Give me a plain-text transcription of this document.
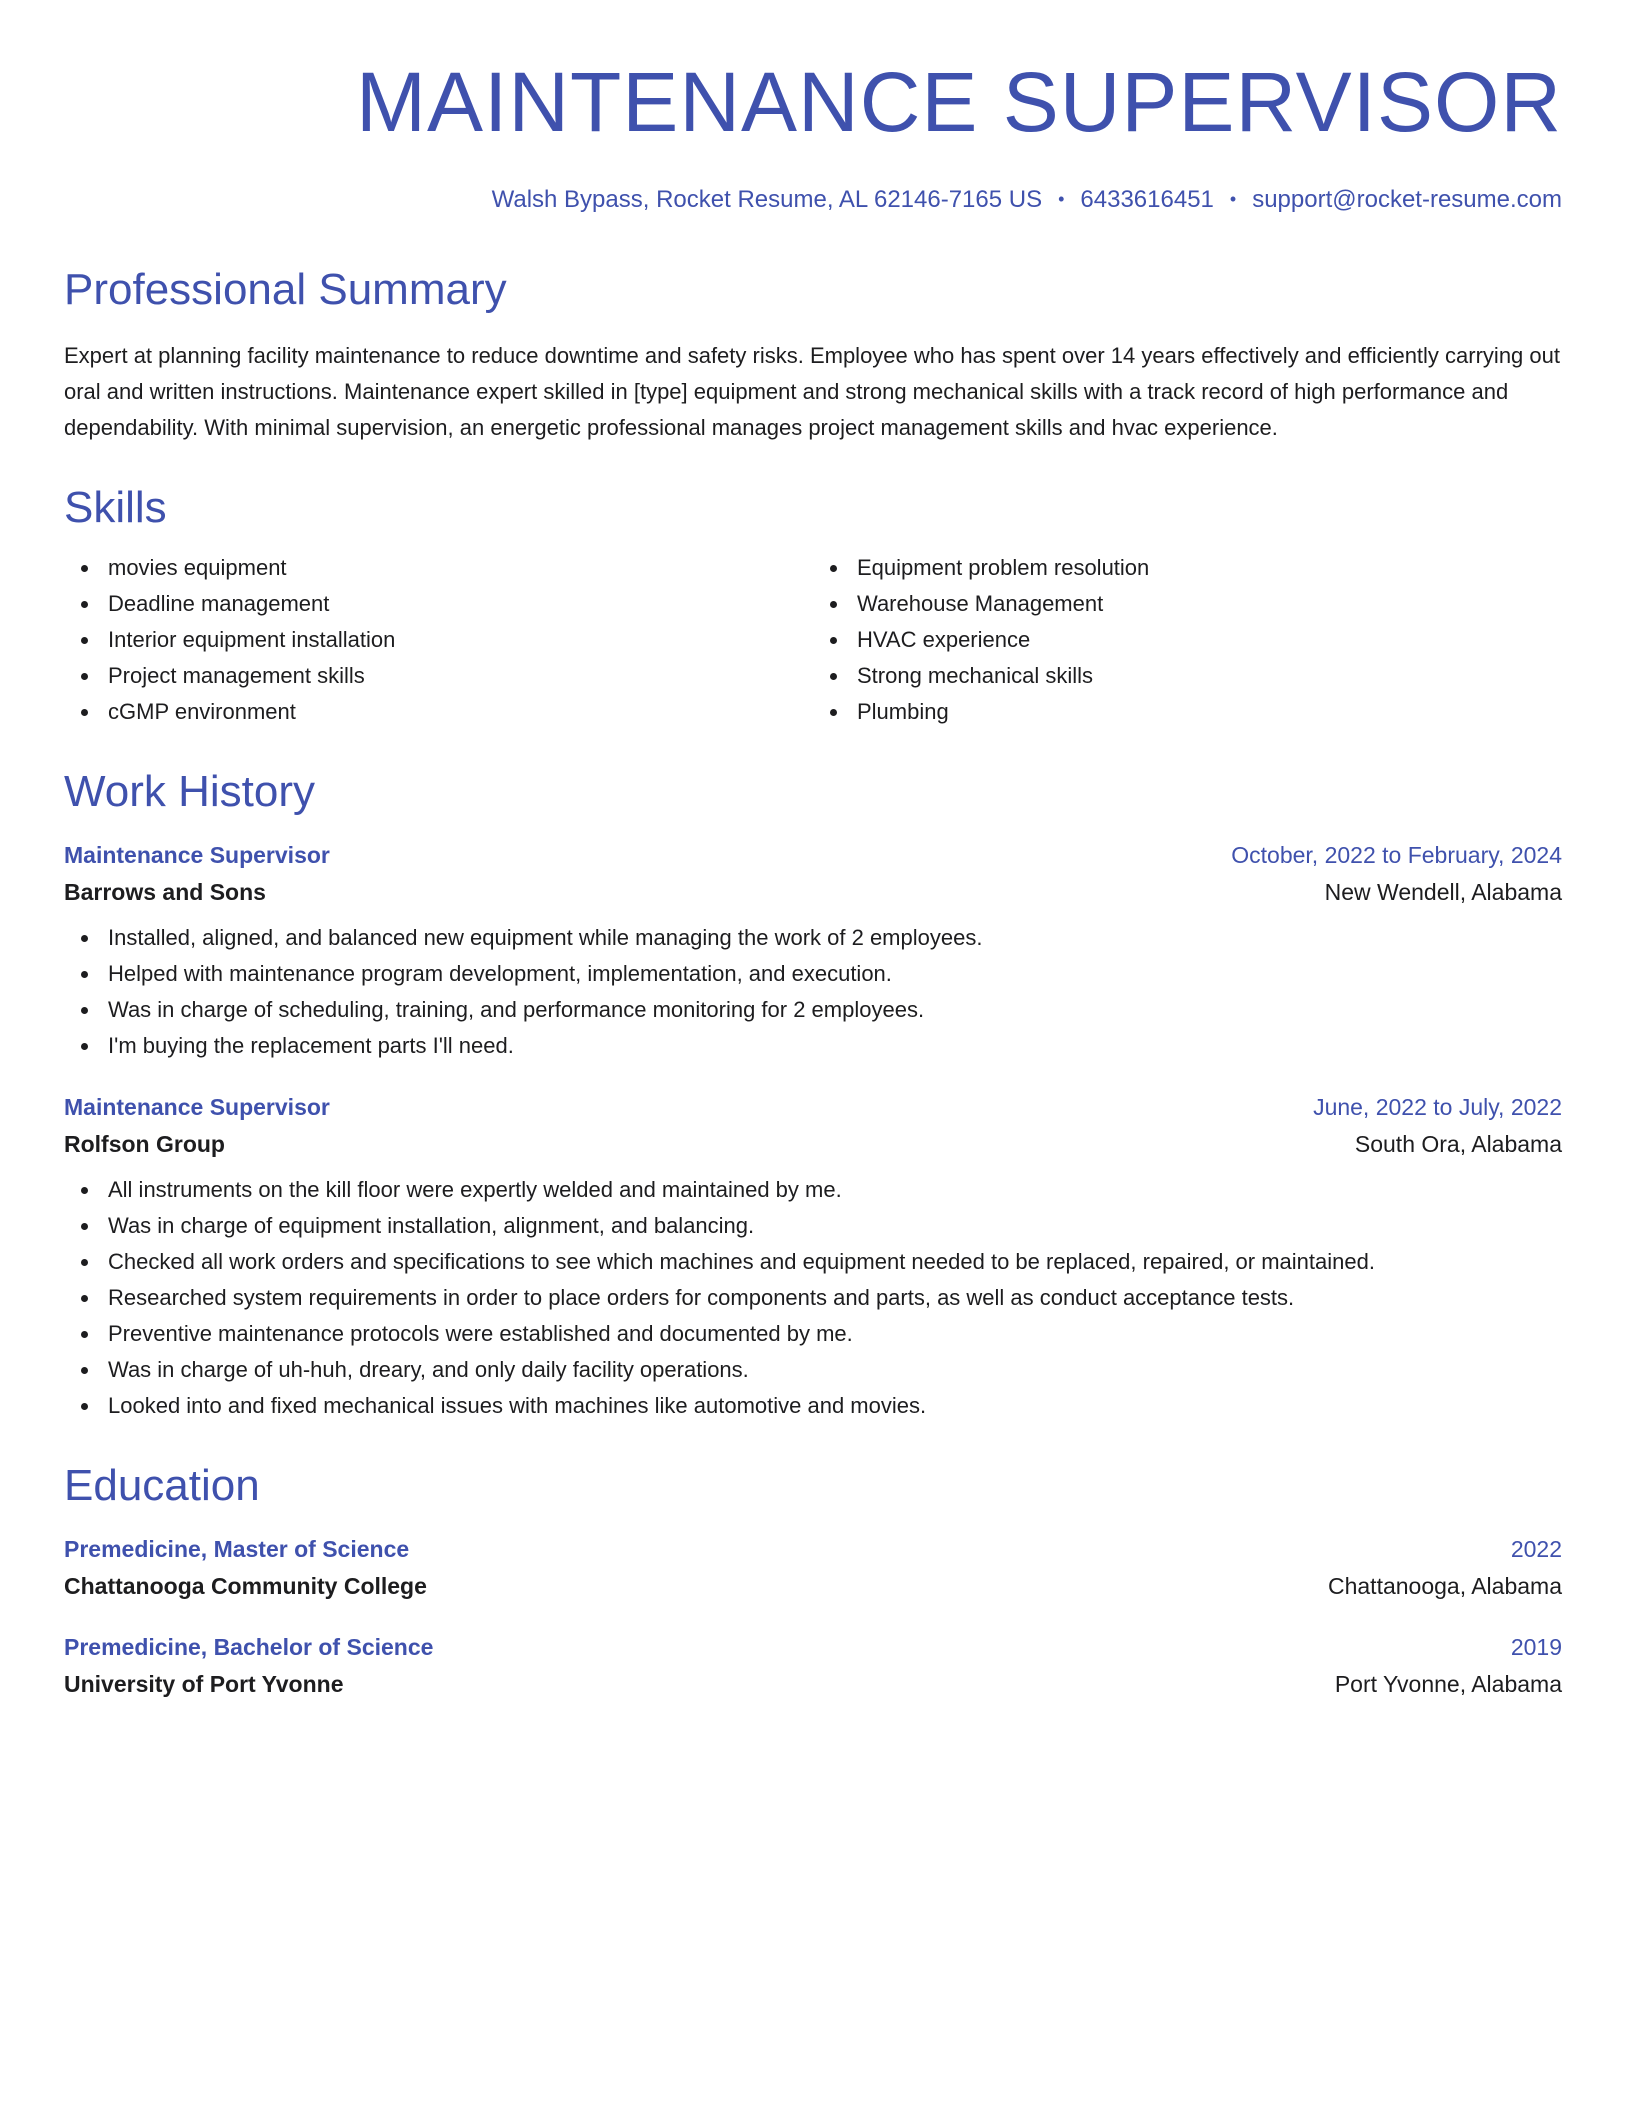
MAINTENANCE SUPERVISOR
Walsh Bypass, Rocket Resume, AL 62146-7165 US • 6433616451 • support@rocket-resume.com
Professional Summary

Expert at planning facility maintenance to reduce downtime and safety risks. Employee who has spent over 14 years effectively and efficiently carrying out oral and written instructions. Maintenance expert skilled in [type] equipment and strong mechanical skills with a track record of high performance and dependability. With minimal supervision, an energetic professional manages project management skills and hvac experience.

Skills
movies equipment
Deadline management
Interior equipment installation
Project management skills
cGMP environment
Equipment problem resolution
Warehouse Management
HVAC experience
Strong mechanical skills
Plumbing
Work History
Maintenance Supervisor	October, 2022 to February, 2024
Barrows and Sons	New Wendell, Alabama
Installed, aligned, and balanced new equipment while managing the work of 2 employees.
Helped with maintenance program development, implementation, and execution.
Was in charge of scheduling, training, and performance monitoring for 2 employees.
I'm buying the replacement parts I'll need.
Maintenance Supervisor	June, 2022 to July, 2022
Rolfson Group	South Ora, Alabama
All instruments on the kill floor were expertly welded and maintained by me.
Was in charge of equipment installation, alignment, and balancing.
Checked all work orders and specifications to see which machines and equipment needed to be replaced, repaired, or maintained.
Researched system requirements in order to place orders for components and parts, as well as conduct acceptance tests.
Preventive maintenance protocols were established and documented by me.
Was in charge of uh-huh, dreary, and only daily facility operations.
Looked into and fixed mechanical issues with machines like automotive and movies.
Education
Premedicine, Master of Science	2022
Chattanooga Community College	Chattanooga, Alabama
Premedicine, Bachelor of Science	2019
University of Port Yvonne	Port Yvonne, Alabama
